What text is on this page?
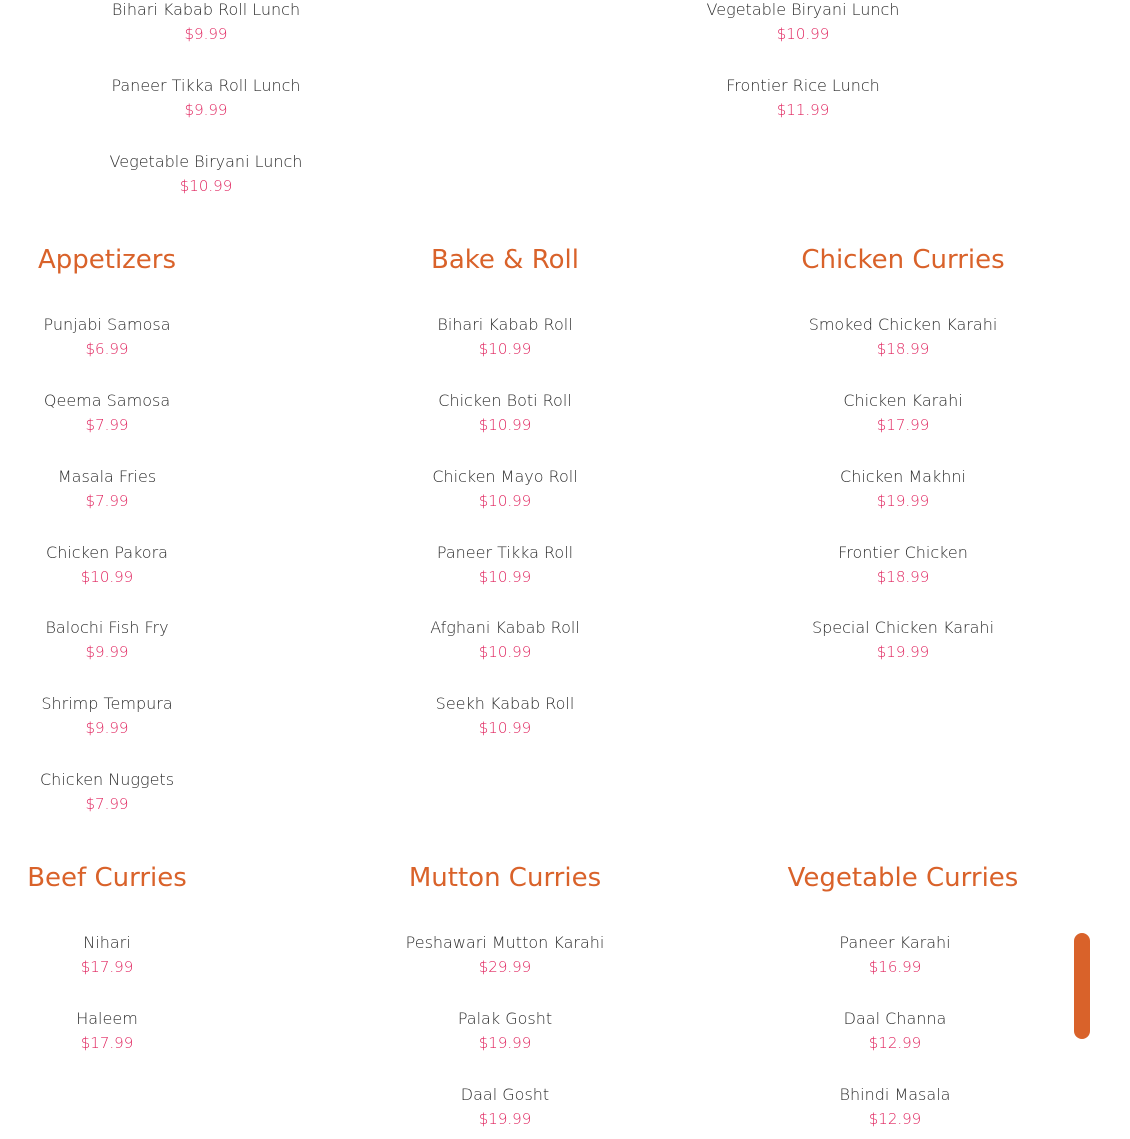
Bihari Kabab Roll Lunch
$9.99
Paneer Tikka Roll Lunch
$9.99
Vegetable Biryani Lunch
$10.99
Vegetable Biryani Lunch
$10.99
Frontier Rice Lunch
$11.99
Appetizers
Punjabi Samosa
$6.99
Qeema Samosa
$7.99
Masala Fries
$7.99
Chicken Pakora
$10.99
Balochi Fish Fry
$9.99
Shrimp Tempura
$9.99
Chicken Nuggets
$7.99
Bake & Roll
Bihari Kabab Roll
$10.99
Chicken Boti Roll
$10.99
Chicken Mayo Roll
$10.99
Paneer Tikka Roll
$10.99
Afghani Kabab Roll
$10.99
Seekh Kabab Roll
$10.99
Chicken Curries
Smoked Chicken Karahi
$18.99
Chicken Karahi
$17.99
Chicken Makhni
$19.99
Frontier Chicken
$18.99
Special Chicken Karahi
$19.99
Beef Curries
Nihari
$17.99
Haleem
$17.99
Mutton Curries
Peshawari Mutton Karahi
$29.99
Palak Gosht
$19.99
Daal Gosht
$19.99
Vegetable Curries
Paneer Karahi
$16.99
Daal Channa
$12.99
Bhindi Masala
$12.99
